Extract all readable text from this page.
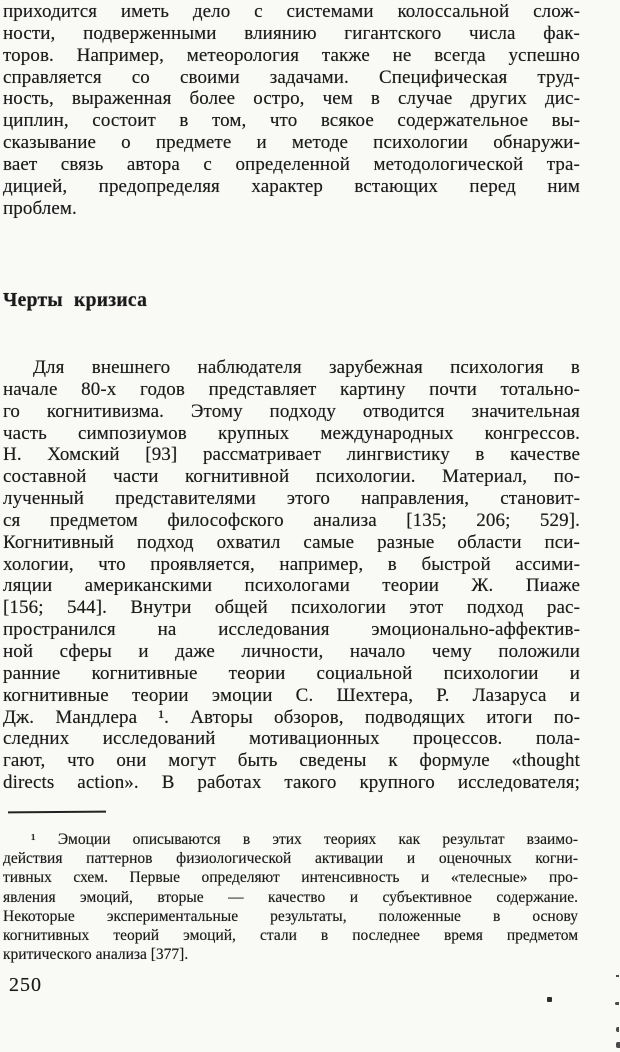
приходится иметь дело с системами колоссальной слож-
ности, подверженными влиянию гигантского числа фак-
торов. Например, метеорология также не всегда успешно
справляется со своими задачами. Специфическая труд-
ность, выраженная более остро, чем в случае других дис-
циплин, состоит в том, что всякое содержательное вы-
сказывание о предмете и методе психологии обнаружи-
вает связь автора с определенной методологической тра-
дицией, предопределяя характер встающих перед ним
проблем.
Черты кризиса
Для внешнего наблюдателя зарубежная психология в
начале 80-х годов представляет картину почти тотально-
го когнитивизма. Этому подходу отводится значительная
часть симпозиумов крупных международных конгрессов.
Н. Хомский [93] рассматривает лингвистику в качестве
составной части когнитивной психологии. Материал, по-
лученный представителями этого направления, становит-
ся предметом философского анализа [135; 206; 529].
Когнитивный подход охватил самые разные области пси-
хологии, что проявляется, например, в быстрой ассими-
ляции американскими психологами теории Ж. Пиаже
[156; 544]. Внутри общей психологии этот подход рас-
пространился на исследования эмоционально-аффектив-
ной сферы и даже личности, начало чему положили
ранние когнитивные теории социальной психологии и
когнитивные теории эмоции С. Шехтера, Р. Лазаруса и
Дж. Мандлера ¹. Авторы обзоров, подводящих итоги по-
следних исследований мотивационных процессов. пола-
гают, что они могут быть сведены к формуле «thought
directs action». В работах такого крупного исследователя;
¹ Эмоции описываются в этих теориях как результат взаимо-
действия паттернов физиологической активации и оценочных когни-
тивных схем. Первые определяют интенсивность и «телесные» про-
явления эмоций, вторые — качество и субъективное содержание.
Некоторые экспериментальные результаты, положенные в основу
когнитивных теорий эмоций, стали в последнее время предметом
критического анализа [377].
250
